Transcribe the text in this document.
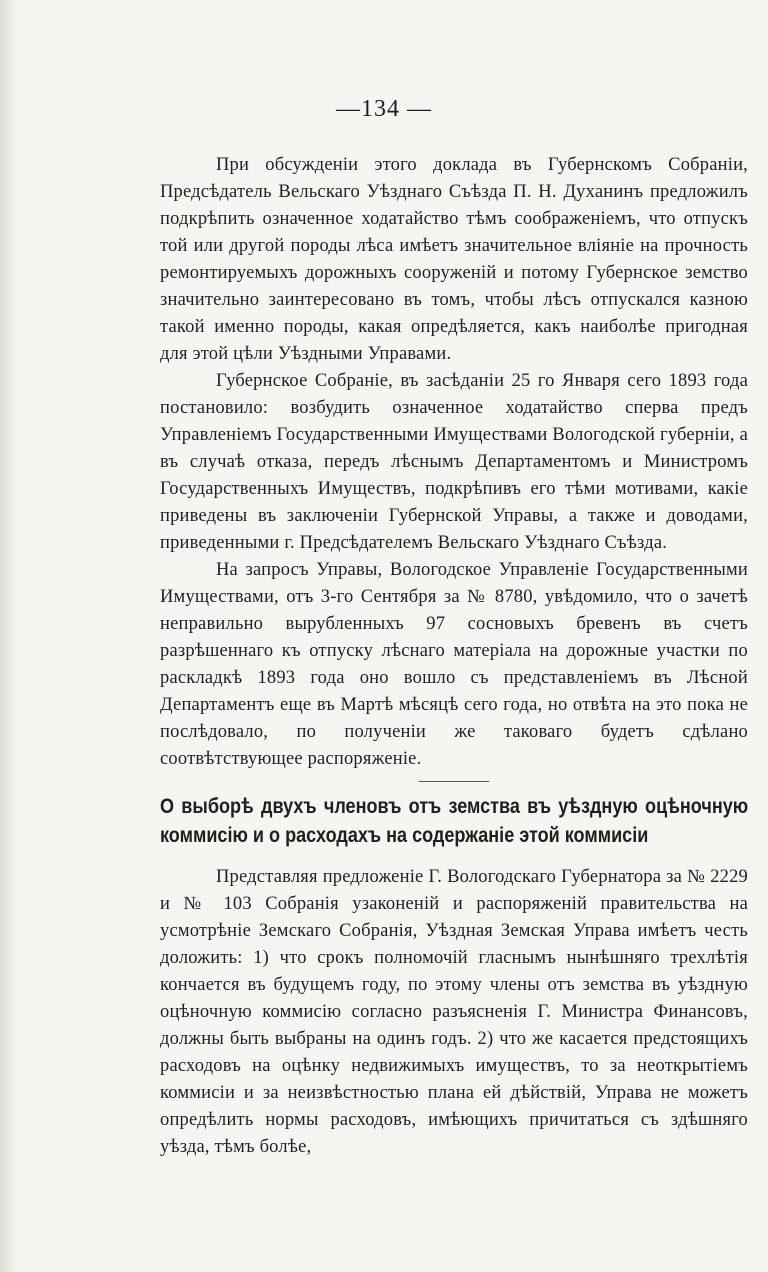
—134 —

При обсужденіи этого доклада въ Губернскомъ Собраніи, Предсѣдатель Вельскаго Уѣзднаго Съѣзда П. Н. Духанинъ предложилъ подкрѣпить означенное ходатайство тѣмъ соображеніемъ, что отпускъ той или другой породы лѣса имѣетъ значительное вліяніе на прочность ремонтируемыхъ дорожныхъ сооруженій и потому Губернское земство значительно заинтересовано въ томъ, чтобы лѣсъ отпускался казною такой именно породы, какая опредѣляется, какъ наиболѣе пригодная для этой цѣли Уѣздными Управами.

Губернское Собраніе, въ засѣданіи 25 го Января сего 1893 года постановило: возбудить означенное ходатайство сперва предъ Управленіемъ Государственными Имуществами Вологодской губерніи, а въ случаѣ отказа, передъ лѣснымъ Департаментомъ и Министромъ Государственныхъ Имуществъ, подкрѣпивъ его тѣми мотивами, какіе приведены въ заключеніи Губернской Управы, а также и доводами, приведенными г. Предсѣдателемъ Вельскаго Уѣзднаго Съѣзда.

На запросъ Управы, Вологодское Управленіе Государственными Имуществами, отъ 3-го Сентября за № 8780, увѣдомило, что о зачетѣ неправильно вырубленныхъ 97 сосновыхъ бревенъ въ счетъ разрѣшеннаго къ отпуску лѣснаго матеріала на дорожные участки по раскладкѣ 1893 года оно вошло съ представленіемъ въ Лѣсной Департаментъ еще въ Мартѣ мѣсяцѣ сего года, но отвѣта на это пока не послѣдовало, по полученіи же таковаго будетъ сдѣлано соотвѣтствующее распоряженіе.

О выборѣ двухъ членовъ отъ земства въ уѣздную оцѣночную коммисію и о расходахъ на содержаніе этой коммисіи

Представляя предложеніе Г. Вологодскаго Губернатора за № 2229 и № 103 Собранія узаконеній и распоряженій правительства на усмотрѣніе Земскаго Собранія, Уѣздная Земская Управа имѣетъ честь доложить: 1) что срокъ полномочій гласнымъ нынѣшняго трехлѣтія кончается въ будущемъ году, по этому члены отъ земства въ уѣздную оцѣночную коммисію согласно разъясненія Г. Министра Финансовъ, должны быть выбраны на одинъ годъ. 2) что же касается предстоящихъ расходовъ на оцѣнку недвижимыхъ имуществъ, то за неоткрытіемъ коммисіи и за неизвѣстностью плана ей дѣйствій, Управа не можетъ опредѣлить нормы расходовъ, имѣющихъ причитаться съ здѣшняго уѣзда, тѣмъ болѣе,
